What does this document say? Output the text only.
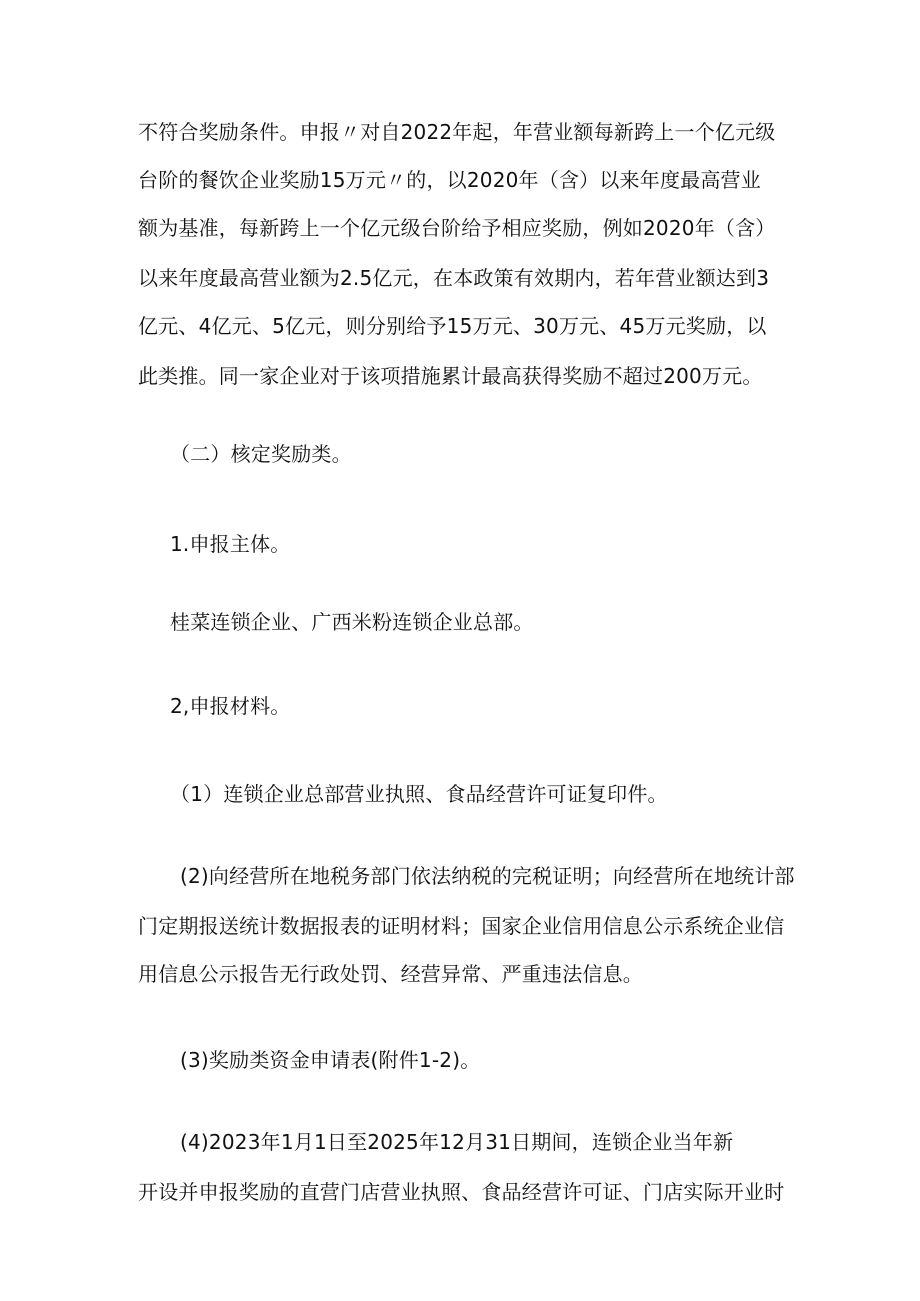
不符合奖励条件。申报〃对自2022年起，年营业额每新跨上一个亿元级
台阶的餐饮企业奖励15万元〃的，以2020年（含）以来年度最高营业
额为基准，每新跨上一个亿元级台阶给予相应奖励，例如2020年（含）
以来年度最高营业额为2.5亿元，在本政策有效期内，若年营业额达到3
亿元、4亿元、5亿元，则分别给予15万元、30万元、45万元奖励，以
此类推。同一家企业对于该项措施累计最高获得奖励不超过200万元。
（二）核定奖励类。
1.申报主体。
桂菜连锁企业、广西米粉连锁企业总部。
2,申报材料。
（1）连锁企业总部营业执照、食品经营许可证复印件。
(2)向经营所在地税务部门依法纳税的完税证明；向经营所在地统计部
门定期报送统计数据报表的证明材料；国家企业信用信息公示系统企业信
用信息公示报告无行政处罚、经营异常、严重违法信息。
(3)奖励类资金申请表(附件1-2)。
(4)2023年1月1日至2025年12月31日期间，连锁企业当年新
开设并申报奖励的直营门店营业执照、食品经营许可证、门店实际开业时
